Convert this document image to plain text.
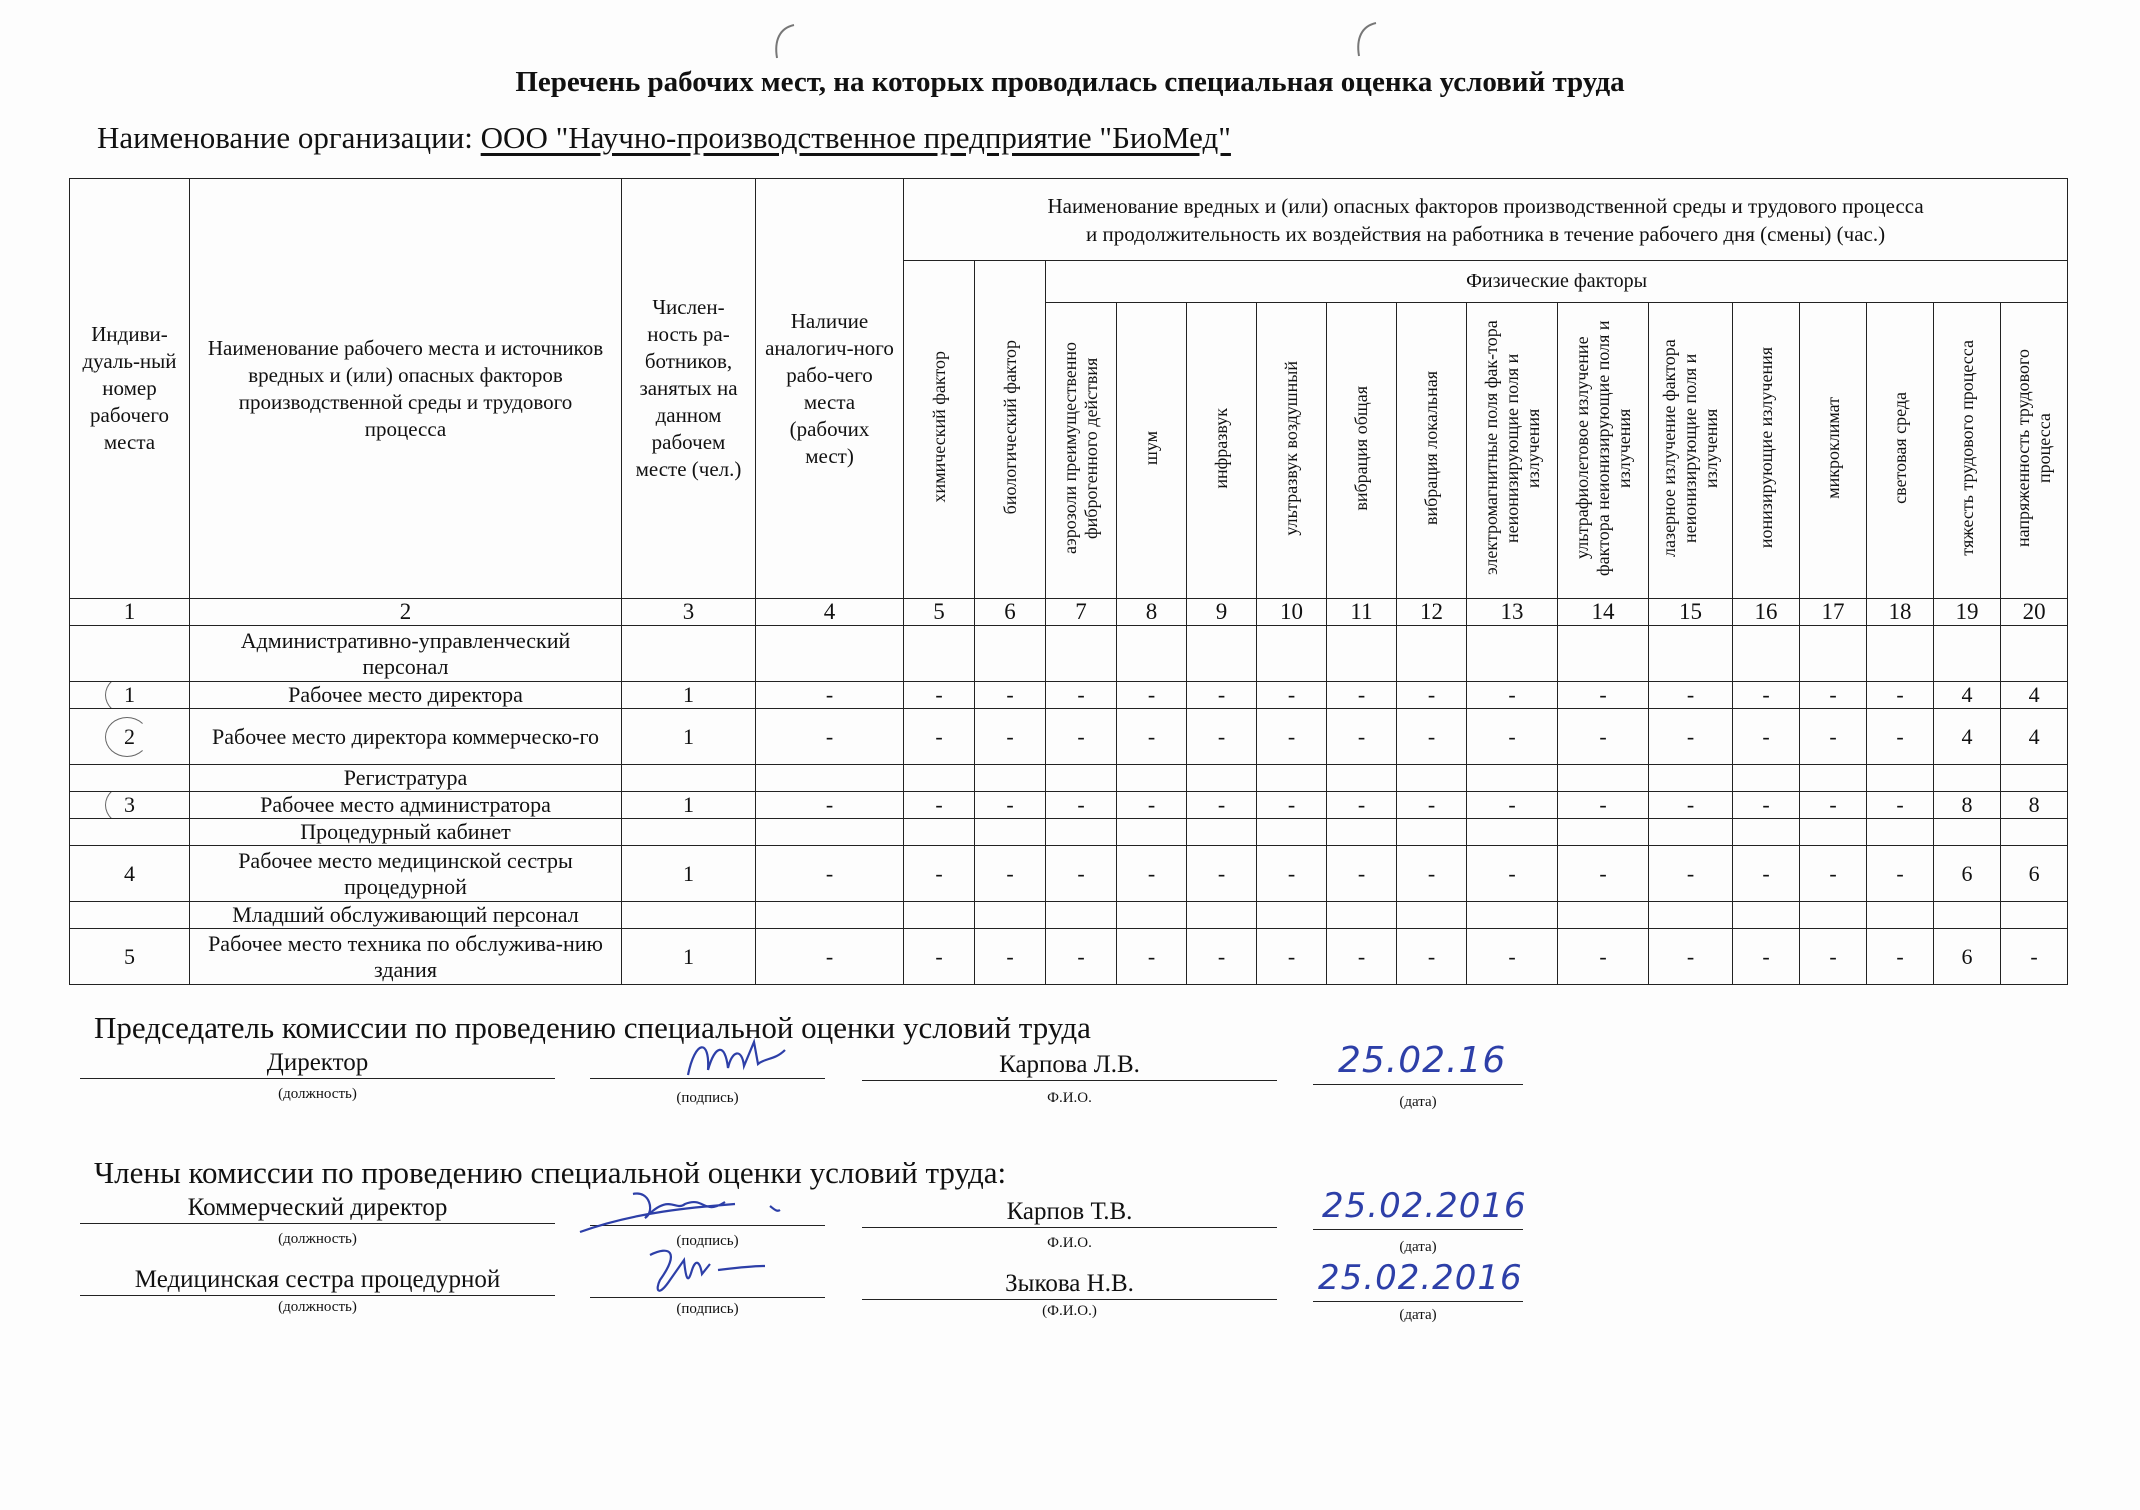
Перечень рабочих мест, на которых проводилась специальная оценка условий труда
Наименование организации: ООО "Научно-производственное предприятие "БиоМед"
Индиви-дуаль-ный номер рабочего места	Наименование рабочего места и источников вредных и (или) опасных факторов производственной среды и трудового процесса	Числен-ность ра-ботников, занятых на данном рабочем месте (чел.)	Наличие аналогич-ного рабо-чего места (рабочих мест)	Наименование вредных и (или) опасных факторов производственной среды и трудового процесса
и продолжительность их воздействия на работника в течение рабочего дня (смены) (час.)															

				химический фактор	биологический фактор	Физические факторы													
						аэрозоли преимущественно фиброгенного действия	шум	инфразвук	ультразвук воздушный	вибрация общая	вибрация локальная	электромагнитные поля фак-тора неионизирующие поля и излучения	ультрафиолетовое излучение фактора неионизирующие поля и излучения	лазерное излучение фактора неионизирующие поля и излучения	ионизирующие излучения	микроклимат	световая среда	тяжесть трудового процесса	напряженность трудового процесса
1	2	3	4	5	6	7	8	9	10	11	12	13	14	15	16	17	18	19	20
	Административно-управленческий персонал																		
1	Рабочее место директора	1	-	-	-	-	-	-	-	-	-	-	-	-	-	-	-	4	4
2	Рабочее место директора коммерческо-го	1	-	-	-	-	-	-	-	-	-	-	-	-	-	-	-	4	4
	Регистратура																		
3	Рабочее место администратора	1	-	-	-	-	-	-	-	-	-	-	-	-	-	-	-	8	8
	Процедурный кабинет																		
4	Рабочее место медицинской сестры процедурной	1	-	-	-	-	-	-	-	-	-	-	-	-	-	-	-	6	6
	Младший обслуживающий персонал																		
5	Рабочее место техника по обслужива-нию здания	1	-	-	-	-	-	-	-	-	-	-	-	-	-	-	-	6	-
Председатель комиссии по проведению специальной оценки условий труда
Директор
(должность)	(подпись)
Карпова Л.В.
Ф.И.О.
25.02.16
(дата)
Члены комиссии по проведению специальной оценки условий труда:
Коммерческий директор
(должность)	(подпись)
Карпов Т.В.
Ф.И.О.
25.02.2016
(дата)
Медицинская сестра процедурной
(должность)	(подпись)
Зыкова Н.В.
(Ф.И.О.)
25.02.2016
(дата)
